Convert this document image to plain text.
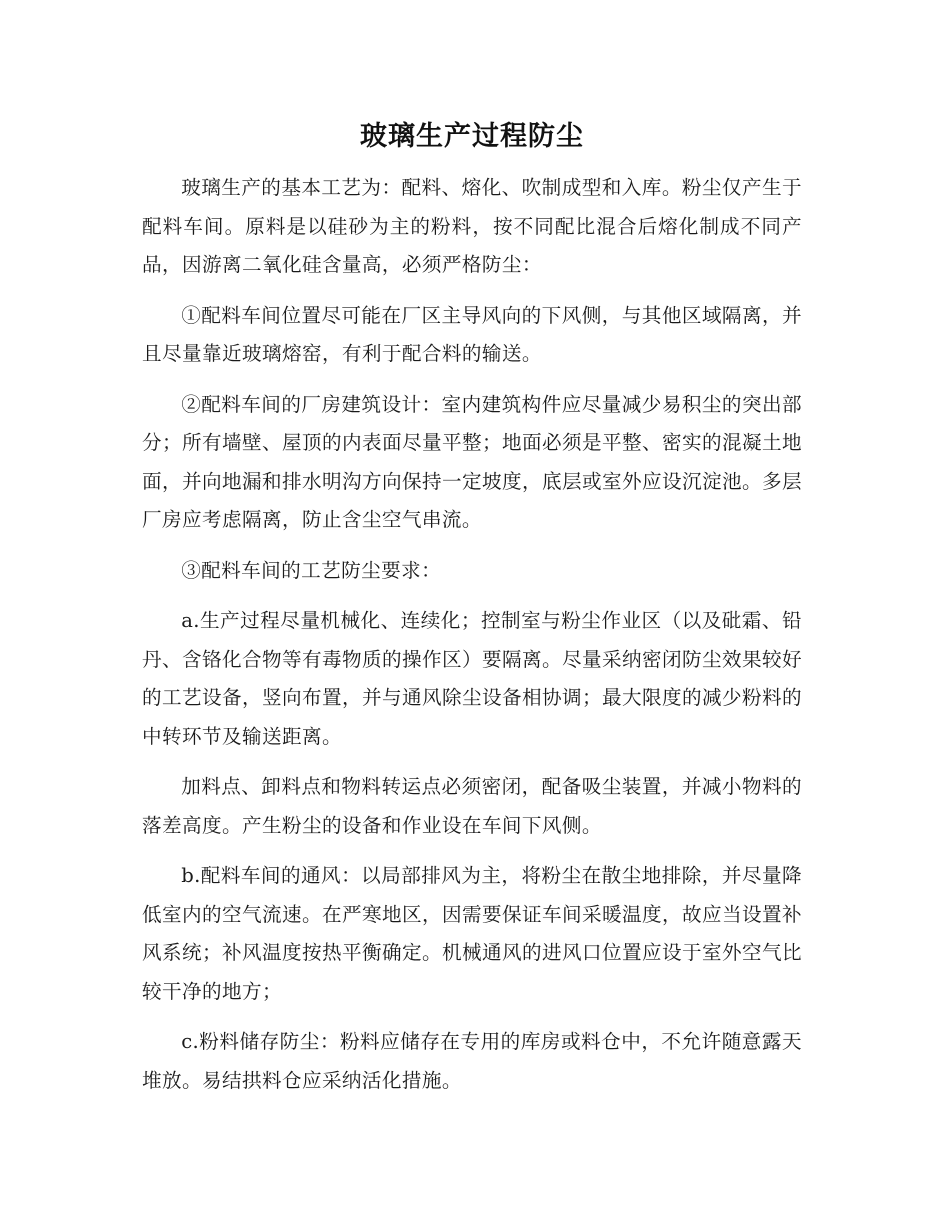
玻璃生产过程防尘

玻璃生产的基本工艺为：配料、熔化、吹制成型和入库。粉尘仅产生于配料车间。原料是以硅砂为主的粉料，按不同配比混合后熔化制成不同产品，因游离二氧化硅含量高，必须严格防尘：

①配料车间位置尽可能在厂区主导风向的下风侧，与其他区域隔离，并且尽量靠近玻璃熔窑，有利于配合料的输送。

②配料车间的厂房建筑设计：室内建筑构件应尽量减少易积尘的突出部分；所有墙壁、屋顶的内表面尽量平整；地面必须是平整、密实的混凝土地面，并向地漏和排水明沟方向保持一定坡度，底层或室外应设沉淀池。多层厂房应考虑隔离，防止含尘空气串流。

③配料车间的工艺防尘要求：

a.生产过程尽量机械化、连续化；控制室与粉尘作业区（以及砒霜、铅丹、含铬化合物等有毒物质的操作区）要隔离。尽量采纳密闭防尘效果较好的工艺设备，竖向布置，并与通风除尘设备相协调；最大限度的减少粉料的中转环节及输送距离。

加料点、卸料点和物料转运点必须密闭，配备吸尘装置，并减小物料的落差高度。产生粉尘的设备和作业设在车间下风侧。

b.配料车间的通风：以局部排风为主，将粉尘在散尘地排除，并尽量降低室内的空气流速。在严寒地区，因需要保证车间采暖温度，故应当设置补风系统；补风温度按热平衡确定。机械通风的进风口位置应设于室外空气比较干净的地方；

c.粉料储存防尘：粉料应储存在专用的库房或料仓中，不允许随意露天堆放。易结拱料仓应采纳活化措施。
